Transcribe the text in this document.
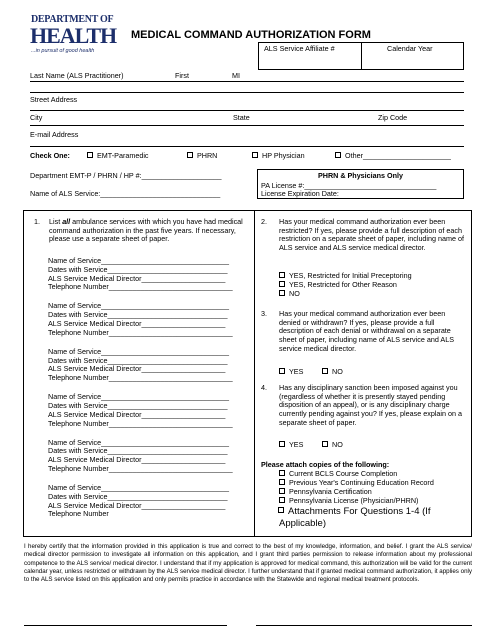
DEPARTMENT OF
HEALTH
...in pursuit of good health
MEDICAL COMMAND AUTHORIZATION FORM
ALS Service Affiliate #	Calendar Year
Last Name (ALS Practitioner)	First	MI
Street Address
City	State	Zip Code
E-mail Address
Check One:	EMT-Paramedic	PHRN	HP Physician	Other______________________
Department EMT-P / PHRN / HP #:____________________
Name of ALS Service:______________________________
PHRN & Physicians Only
PA License #:_________________________________
License Expiration Date:
1. List all ambulance services with which you have had medical command authorization in the past five years. If necessary, please use a separate sheet of paper.
Name of Service________________________________
Dates with Service______________________________
ALS Service Medical Director_____________________
Telephone Number_______________________________
Name of Service________________________________
Dates with Service______________________________
ALS Service Medical Director_____________________
Telephone Number_______________________________
Name of Service________________________________
Dates with Service______________________________
ALS Service Medical Director_____________________
Telephone Number_______________________________
Name of Service________________________________
Dates with Service______________________________
ALS Service Medical Director_____________________
Telephone Number_______________________________
Name of Service________________________________
Dates with Service______________________________
ALS Service Medical Director_____________________
Telephone Number_______________________________
Name of Service________________________________
Dates with Service______________________________
ALS Service Medical Director_____________________
Telephone Number
2. Has your medical command authorization ever been restricted? If yes, please provide a full description of each restriction on a separate sheet of paper, including name of ALS service and ALS service medical director.
YES, Restricted for Initial Preceptoring
YES, Restricted for Other Reason
NO
3. Has your medical command authorization ever been denied or withdrawn? If yes, please provide a full description of each denial or withdrawal on a separate sheet of paper, including name of ALS service and ALS service medical director.
YES	NO
4. Has any disciplinary sanction been imposed against you (regardless of whether it is presently stayed pending disposition of an appeal), or is any disciplinary charge currently pending against you? If yes, please explain on a separate sheet of paper.
YES	NO
Please attach copies of the following:
Current BCLS Course Completion
Previous Year's Continuing Education Record
Pennsylvania Certification
Pennsylvania License (Physician/PHRN)
Attachments For Questions 1-4 (If Applicable)
I hereby certify that the information provided in this application is true and correct to the best of my knowledge, information, and belief. I grant the ALS service/ medical director permission to investigate all information on this application, and I grant third parties permission to release information about my professional competence to the ALS service/ medical director. I understand that if my application is approved for medical command, this authorization will be valid for the current calendar year, unless restricted or withdrawn by the ALS service medical director. I further understand that if granted medical command authorization, it applies only to the ALS service listed on this application and only permits practice in accordance with the Statewide and regional medical treatment protocols.
